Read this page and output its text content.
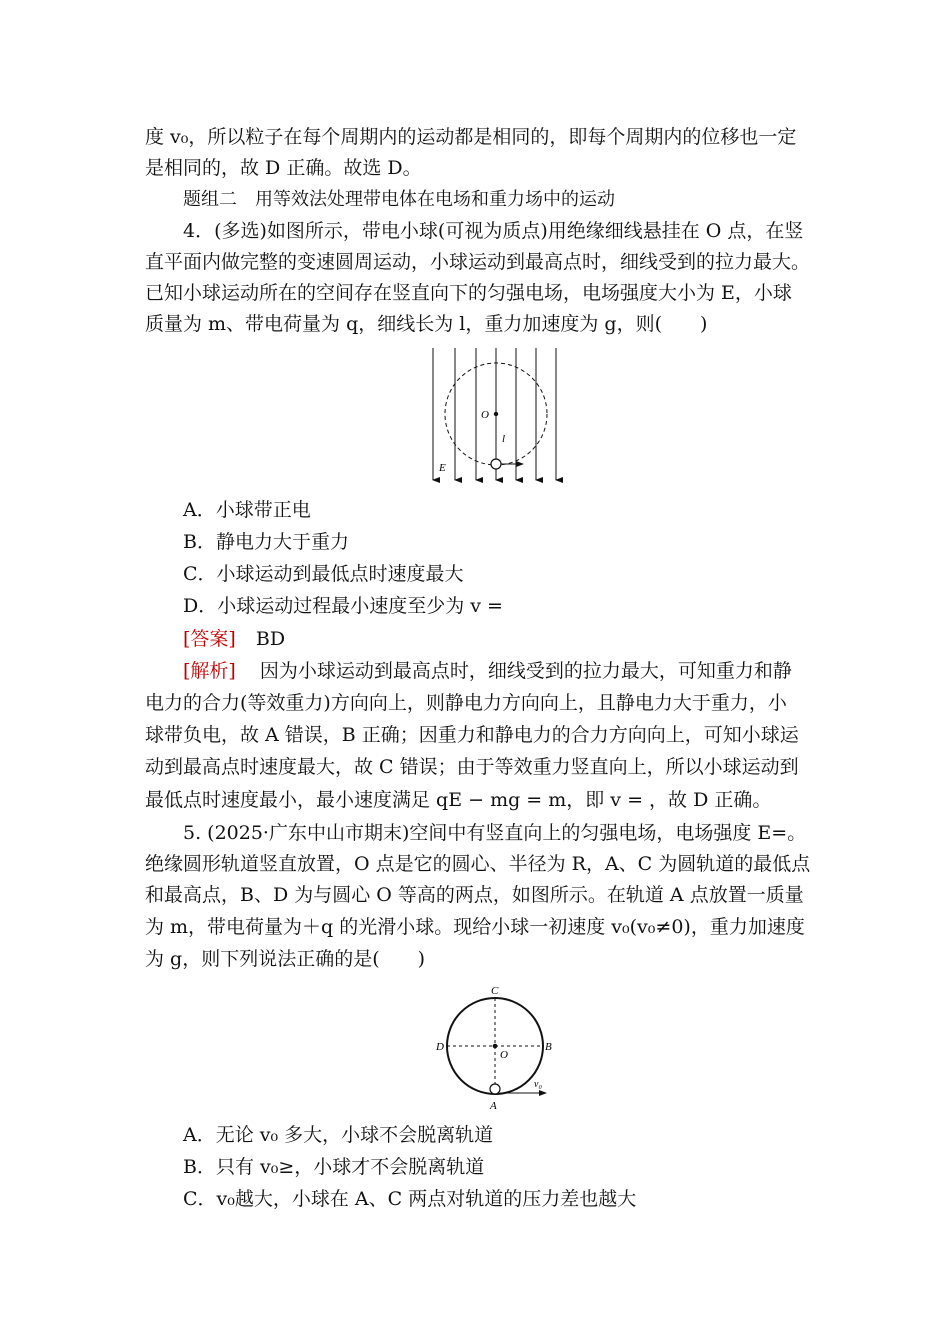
度 v₀，所以粒子在每个周期内的运动都是相同的，即每个周期内的位移也一定
是相同的，故 D 正确。故选 D。
题组二　用等效法处理带电体在电场和重力场中的运动
4．(多选)如图所示，带电小球(可视为质点)用绝缘细线悬挂在 O 点，在竖
直平面内做完整的变速圆周运动，小球运动到最高点时，细线受到的拉力最大。
已知小球运动所在的空间存在竖直向下的匀强电场，电场强度大小为 E，小球
质量为 m、带电荷量为 q，细线长为 l，重力加速度为 g，则(　　)
O
l
E
A．小球带正电
B．静电力大于重力
C．小球运动到最低点时速度最大
D．小球运动过程最小速度至少为 v =
[答案] BD
[解析] 因为小球运动到最高点时，细线受到的拉力最大，可知重力和静
电力的合力(等效重力)方向向上，则静电力方向向上，且静电力大于重力，小
球带负电，故 A 错误，B 正确；因重力和静电力的合力方向向上，可知小球运
动到最高点时速度最大，故 C 错误；由于等效重力竖直向上，所以小球运动到
最低点时速度最小，最小速度满足 qE − mg = m，即 v = ，故 D 正确。
5. (2025·广东中山市期末)空间中有竖直向上的匀强电场，电场强度 E=。
绝缘圆形轨道竖直放置，O 点是它的圆心、半径为 R，A、C 为圆轨道的最低点
和最高点，B、D 为与圆心 O 等高的两点，如图所示。在轨道 A 点放置一质量
为 m，带电荷量为＋q 的光滑小球。现给小球一初速度 v₀(v₀≠0)，重力加速度
为 g，则下列说法正确的是(　　)
C
D
O
B
A
v₀
A．无论 v₀ 多大，小球不会脱离轨道
B．只有 v₀≥，小球才不会脱离轨道
C．v₀越大，小球在 A、C 两点对轨道的压力差也越大
